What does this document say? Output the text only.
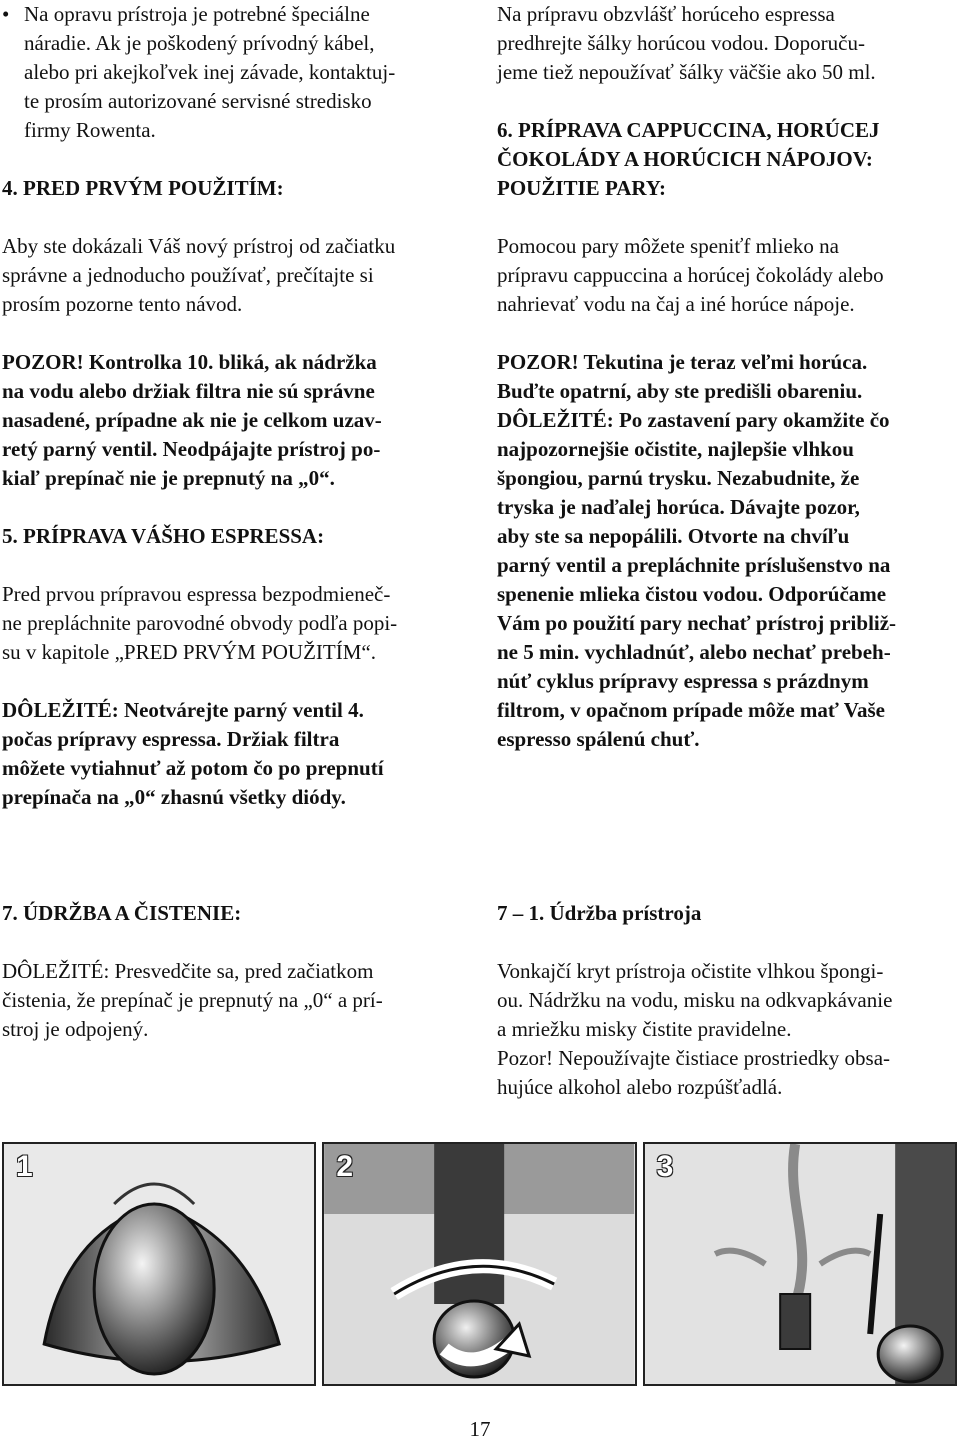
• Na opravu prístroja je potrebné špeciálne

náradie. Ak je poškodený prívodný kábel,

alebo pri akejkoľvek inej závade, kontaktuj-

te prosím autorizované servisné stredisko

firmy Rowenta.

4. PRED PRVÝM POUŽITÍM:

Aby ste dokázali Váš nový prístroj od začiatku

správne a jednoducho používať, prečítajte si

prosím pozorne tento návod.

POZOR! Kontrolka 10. bliká, ak nádržka

na vodu alebo držiak filtra nie sú správne

nasadené, prípadne ak nie je celkom uzav-

retý parný ventil. Neodpájajte prístroj po-

kiaľ prepínač nie je prepnutý na „0“.

5. PRÍPRAVA VÁŠHO ESPRESSA:

Pred prvou prípravou espressa bezpodmieneč-

ne prepláchnite parovodné obvody podľa popi-

su v kapitole „PRED PRVÝM POUŽITÍM“.

DÔLEŽITÉ: Neotvárejte parný ventil 4.

počas prípravy espressa. Držiak filtra

môžete vytiahnuť až potom čo po prepnutí

prepínača na „0“ zhasnú všetky diódy.

Na prípravu obzvlášť horúceho espressa

predhrejte šálky horúcou vodou. Doporuču-

jeme tiež nepoužívať šálky väčšie ako 50 ml.

6. PRÍPRAVA CAPPUCCINA, HORÚCEJ

ČOKOLÁDY A HORÚCICH NÁPOJOV:

POUŽITIE PARY:

Pomocou pary môžete speniťf mlieko na

prípravu cappuccina a horúcej čokolády alebo

nahrievať vodu na čaj a iné horúce nápoje.

POZOR! Tekutina je teraz veľmi horúca.

Buďte opatrní, aby ste predišli obareniu.

DÔLEŽITÉ: Po zastavení pary okamžite čo

najpozornejšie očistite, najlepšie vlhkou

špongiou, parnú trysku. Nezabudnite, že

tryska je naďalej horúca. Dávajte pozor,

aby ste sa nepopálili. Otvorte na chvíľu

parný ventil a prepláchnite príslušenstvo na

spenenie mlieka čistou vodou. Odporúčame

Vám po použití pary nechať prístroj približ-

ne 5 min. vychladnúť, alebo nechať prebeh-

núť cyklus prípravy espressa s prázdnym

filtrom, v opačnom prípade môže mať Vaše

espresso spálenú chuť.

7. ÚDRŽBA A ČISTENIE:

DÔLEŽITÉ: Presvedčite sa, pred začiatkom

čistenia, že prepínač je prepnutý na „0“ a prí-

stroj je odpojený.

7 – 1. Údržba prístroja

Vonkajčí kryt prístroja očistite vlhkou špongi-

ou. Nádržku na vodu, misku na odkvapkávanie

a mriežku misky čistite pravidelne.

Pozor! Nepoužívajte čistiace prostriedky obsa-

hujúce alkohol alebo rozpúšťadlá.

1	2	3
17
